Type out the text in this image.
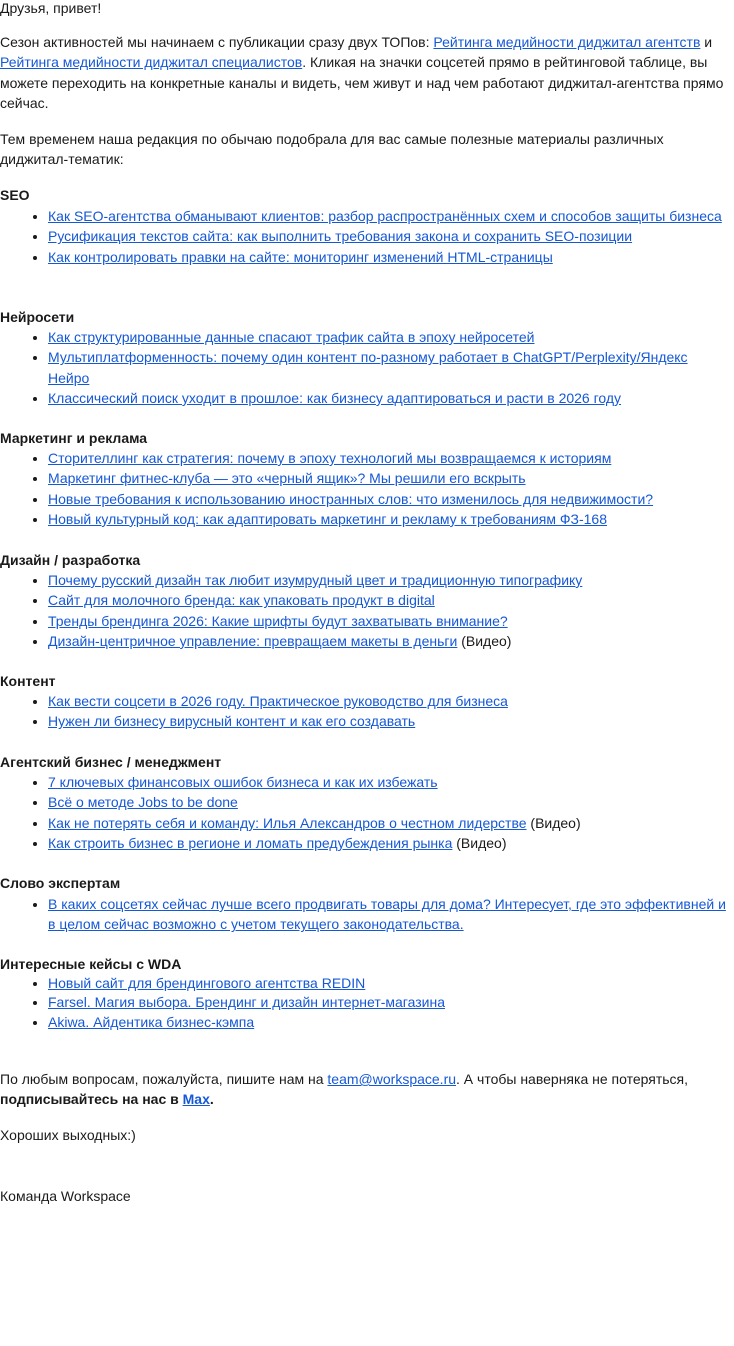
Друзья, привет!

Сезон активностей мы начинаем с публикации сразу двух ТОПов: Рейтинга медийности диджитал агентств и Рейтинга медийности диджитал специалистов. Кликая на значки соцсетей прямо в рейтинговой таблице, вы можете переходить на конкретные каналы и видеть, чем живут и над чем работают диджитал-агентства прямо сейчас.

Тем временем наша редакция по обычаю подобрала для вас самые полезные материалы различных диджитал-тематик:

SEO

• Как SEO-агентства обманывают клиентов: разбор распространённых схем и способов защиты бизнеса
• Русификация текстов сайта: как выполнить требования закона и сохранить SEO-позиции
• Как контролировать правки на сайте: мониторинг изменений HTML-страницы

Нейросети

• Как структурированные данные спасают трафик сайта в эпоху нейросетей
• Мультиплатформенность: почему один контент по-разному работает в ChatGPT/Perplexity/Яндекс Нейро
• Классический поиск уходит в прошлое: как бизнесу адаптироваться и расти в 2026 году

Маркетинг и реклама

• Сторителлинг как стратегия: почему в эпоху технологий мы возвращаемся к историям
• Маркетинг фитнес-клуба — это «черный ящик»? Мы решили его вскрыть
• Новые требования к использованию иностранных слов: что изменилось для недвижимости?
• Новый культурный код: как адаптировать маркетинг и рекламу к требованиям ФЗ-168

Дизайн / разработка

• Почему русский дизайн так любит изумрудный цвет и традиционную типографику
• Сайт для молочного бренда: как упаковать продукт в digital
• Тренды брендинга 2026: Какие шрифты будут захватывать внимание?
• Дизайн-центричное управление: превращаем макеты в деньги (Видео)

Контент

• Как вести соцсети в 2026 году. Практическое руководство для бизнеса
• Нужен ли бизнесу вирусный контент и как его создавать

Агентский бизнес / менеджмент

• 7 ключевых финансовых ошибок бизнеса и как их избежать
• Всё о методе Jobs to be done
• Как не потерять себя и команду: Илья Александров о честном лидерстве (Видео)
• Как строить бизнес в регионе и ломать предубеждения рынка (Видео)

Слово экспертам

• В каких соцсетях сейчас лучше всего продвигать товары для дома? Интересует, где это эффективней и в целом сейчас возможно с учетом текущего законодательства.

Интересные кейсы с WDA

• Новый сайт для брендингового агентства REDIN
• Farsel. Магия выбора. Брендинг и дизайн интернет-магазина
• Akiwa. Айдентика бизнес-кэмпа

По любым вопросам, пожалуйста, пишите нам на team@workspace.ru. А чтобы наверняка не потеряться, подписывайтесь на нас в Max.

Хороших выходных:)

Команда Workspace
